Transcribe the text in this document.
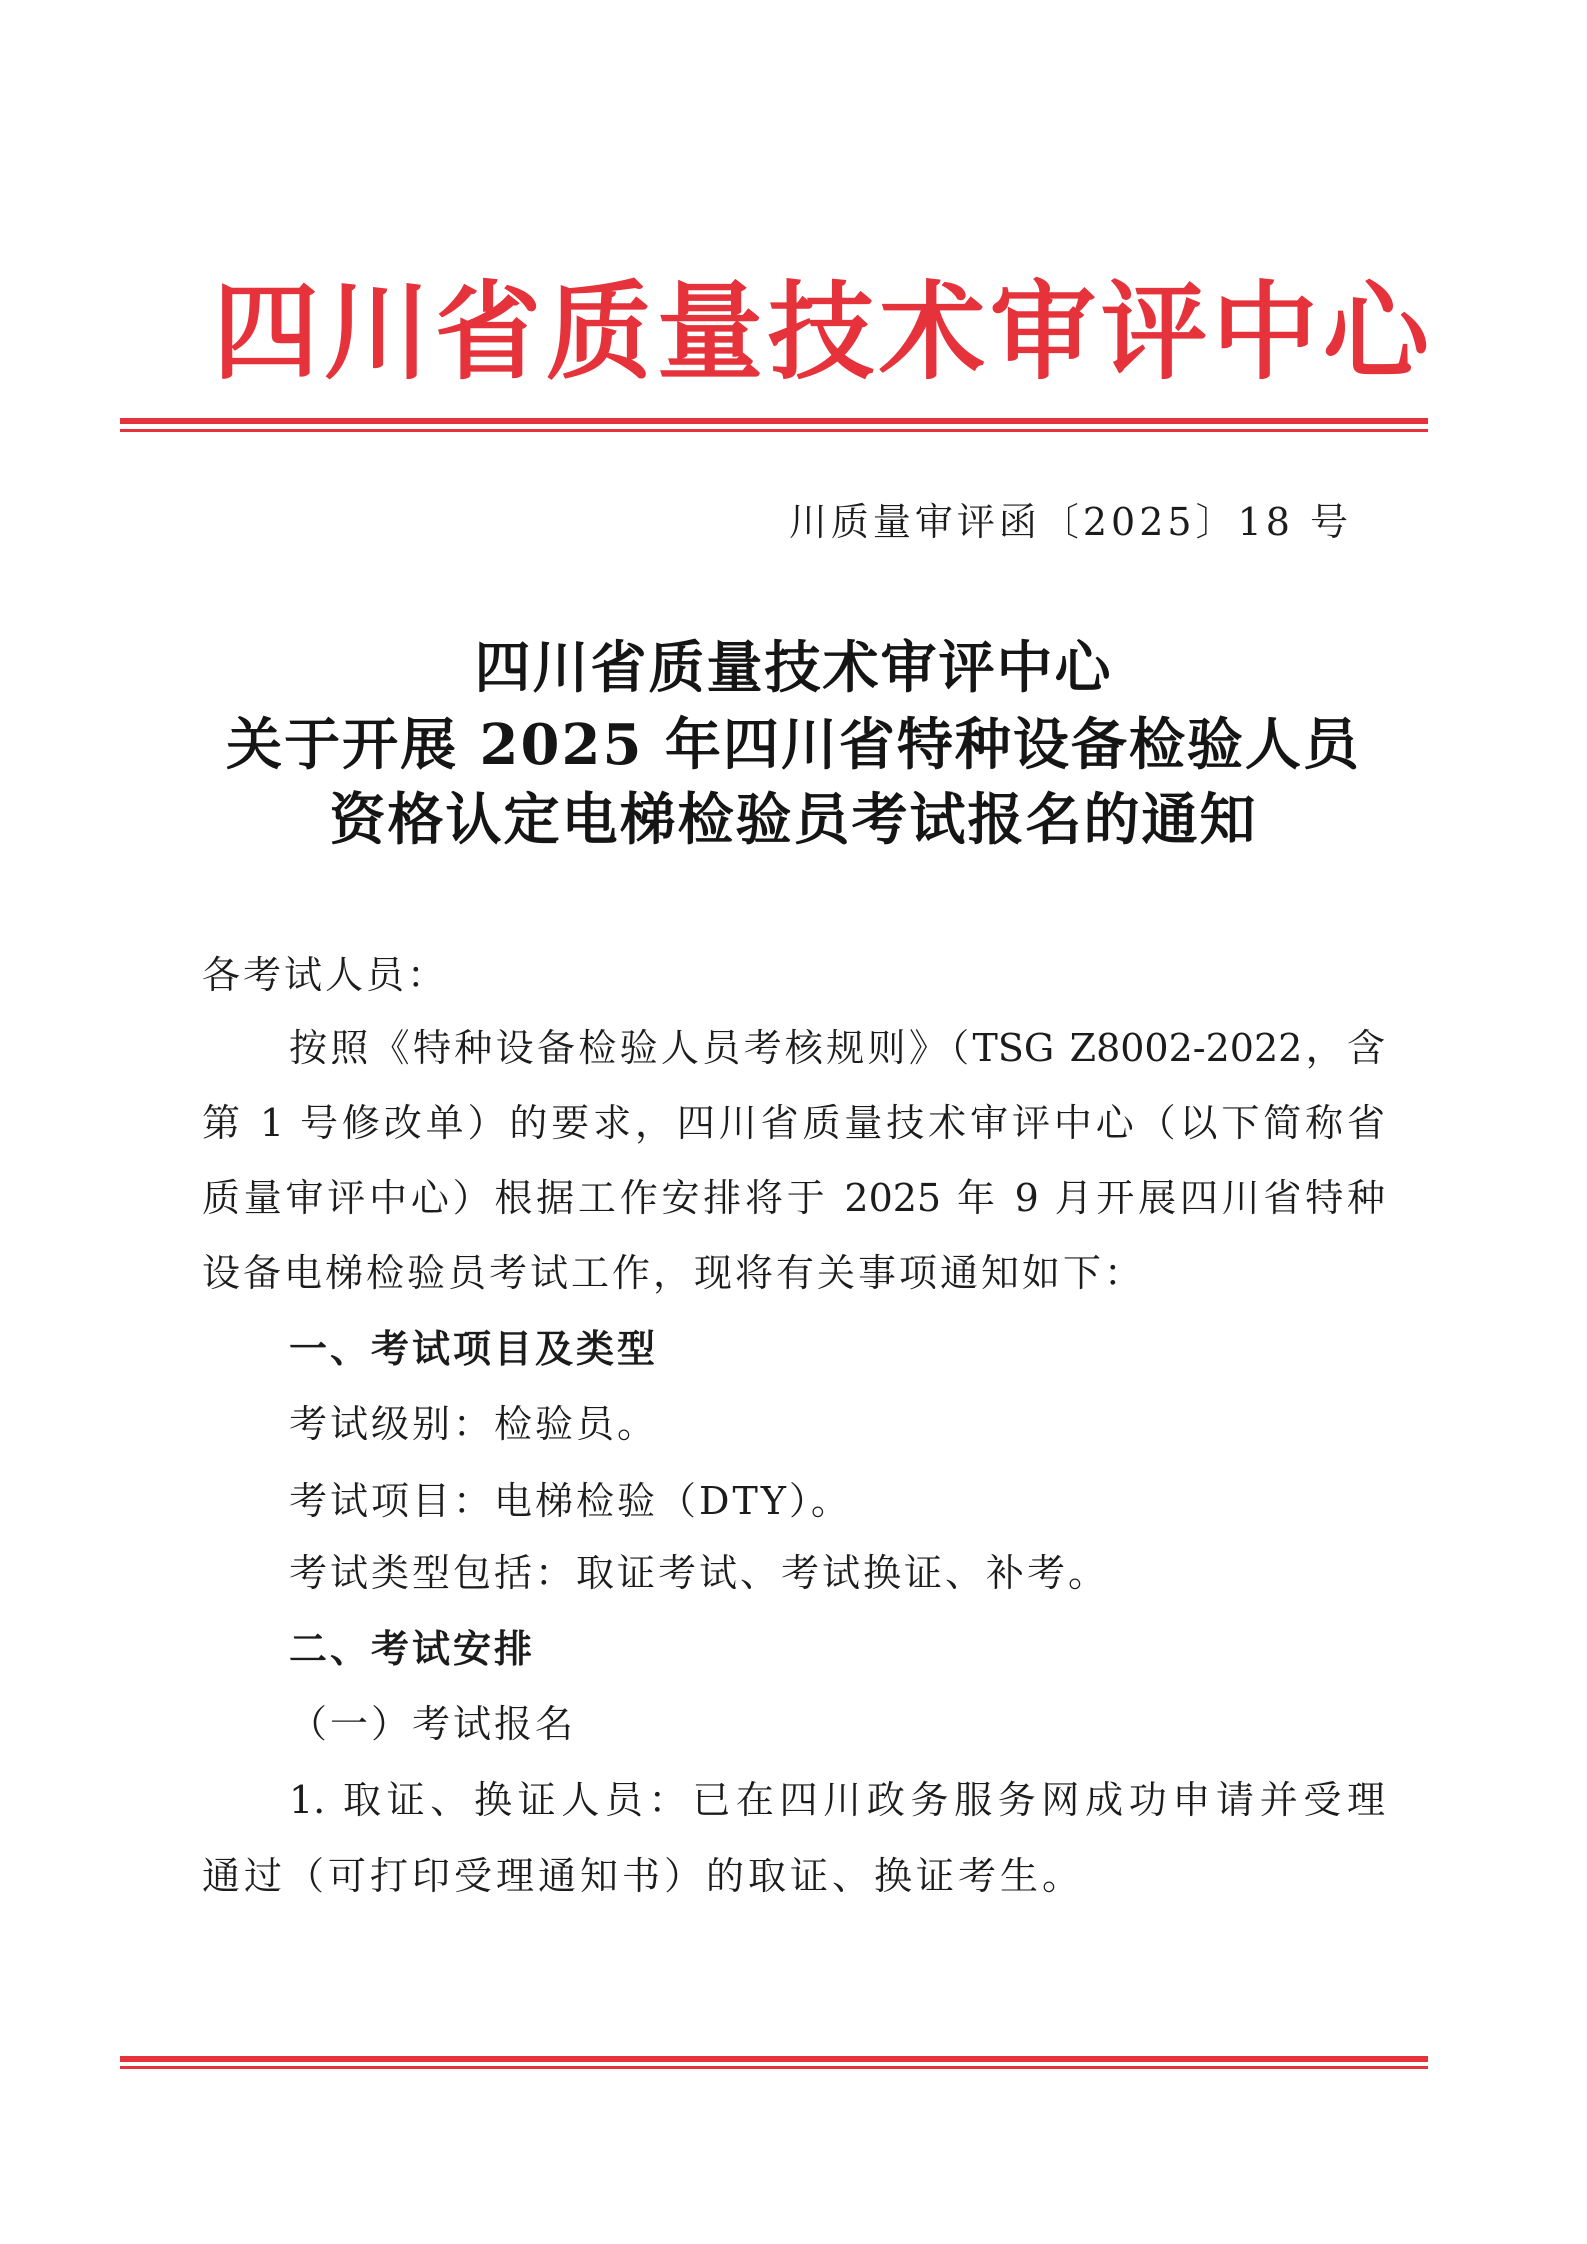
四川省质量技术审评中心
川质量审评函〔2025〕18 号
四川省质量技术审评中心
关于开展 2025 年四川省特种设备检验人员
资格认定电梯检验员考试报名的通知
各考试人员：
按照《特种设备检验人员考核规则》（TSG Z8002-2022，含
第 1 号修改单）的要求，四川省质量技术审评中心（以下简称省
质量审评中心）根据工作安排将于 2025 年 9 月开展四川省特种
设备电梯检验员考试工作，现将有关事项通知如下：
一、考试项目及类型
考试级别：检验员。
考试项目：电梯检验（DTY）。
考试类型包括：取证考试、考试换证、补考。
二、考试安排
（一）考试报名
1. 取证、换证人员：已在四川政务服务网成功申请并受理
通过（可打印受理通知书）的取证、换证考生。
